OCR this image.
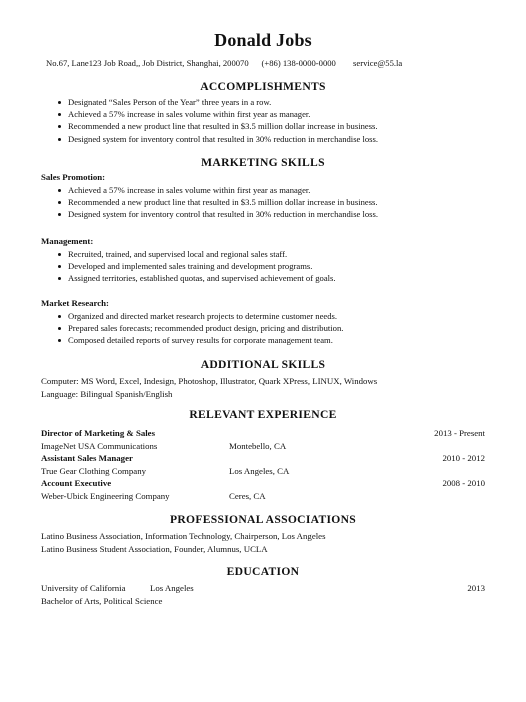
Donald Jobs
No.67, Lane123 Job Road,, Job District, Shanghai, 200070 (+86) 138-0000-0000 service@55.la
ACCOMPLISHMENTS
Designated “Sales Person of the Year” three years in a row.
Achieved a 57% increase in sales volume within first year as manager.
Recommended a new product line that resulted in $3.5 million dollar increase in business.
Designed system for inventory control that resulted in 30% reduction in merchandise loss.
MARKETING SKILLS
Sales Promotion:
Achieved a 57% increase in sales volume within first year as manager.
Recommended a new product line that resulted in $3.5 million dollar increase in business.
Designed system for inventory control that resulted in 30% reduction in merchandise loss.
Management:
Recruited, trained, and supervised local and regional sales staff.
Developed and implemented sales training and development programs.
Assigned territories, established quotas, and supervised achievement of goals.
Market Research:
Organized and directed market research projects to determine customer needs.
Prepared sales forecasts; recommended product design, pricing and distribution.
Composed detailed reports of survey results for corporate management team.
ADDITIONAL SKILLS
Computer: MS Word, Excel, Indesign, Photoshop, Illustrator, Quark XPress, LINUX, Windows
Language: Bilingual Spanish/English
RELEVANT EXPERIENCE
Director of Marketing & Sales	2013 - Present
ImageNet USA Communications	Montebello, CA
Assistant Sales Manager	2010 - 2012
True Gear Clothing Company	Los Angeles, CA
Account Executive	2008 - 2010
Weber-Ubick Engineering Company	Ceres, CA
PROFESSIONAL ASSOCIATIONS
Latino Business Association, Information Technology, Chairperson, Los Angeles
Latino Business Student Association, Founder, Alumnus, UCLA
EDUCATION
University of California	Los Angeles	2013
Bachelor of Arts, Political Science
